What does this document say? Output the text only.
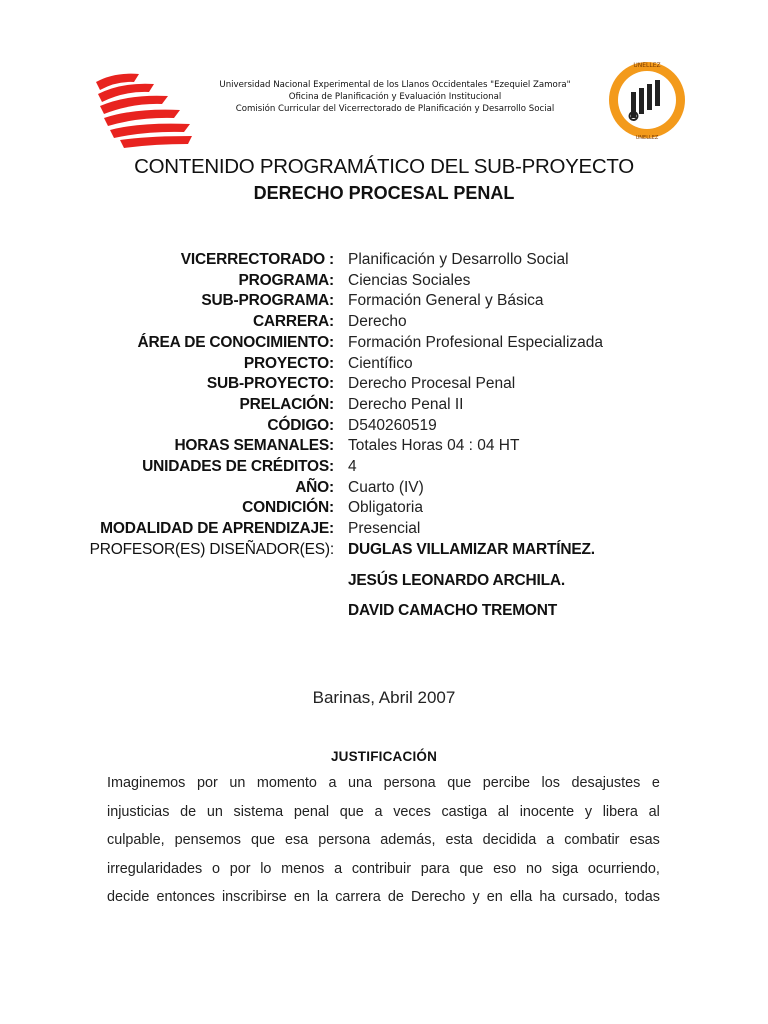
UNELLEZ
UNELLEZ
Universidad Nacional Experimental de los Llanos Occidentales "Ezequiel Zamora"
Oficina de Planificación y Evaluación Institucional
Comisión Curricular del Vicerrectorado de Planificación y Desarrollo Social
CONTENIDO PROGRAMÁTICO DEL SUB-PROYECTO
DERECHO PROCESAL PENAL
VICERRECTORADO : Planificación y Desarrollo Social
PROGRAMA: Ciencias Sociales
SUB-PROGRAMA: Formación General y Básica
CARRERA: Derecho
ÁREA DE CONOCIMIENTO: Formación Profesional Especializada
PROYECTO: Científico
SUB-PROYECTO: Derecho Procesal Penal
PRELACIÓN: Derecho Penal II
CÓDIGO: D540260519
HORAS SEMANALES: Totales Horas 04 : 04 HT
UNIDADES DE CRÉDITOS: 4
AÑO: Cuarto (IV)
CONDICIÓN: Obligatoria
MODALIDAD DE APRENDIZAJE: Presencial
PROFESOR(ES) DISEÑADOR(ES): DUGLAS VILLAMIZAR MARTÍNEZ.
JESÚS LEONARDO ARCHILA.
DAVID CAMACHO TREMONT
Barinas, Abril 2007
JUSTIFICACIÓN
Imaginemos por un momento a una persona que percibe los desajustes e
injusticias de un sistema penal que a veces castiga al inocente y libera al
culpable, pensemos que esa persona además, esta decidida a combatir esas
irregularidades o por lo menos a contribuir para que eso no siga ocurriendo,
decide entonces inscribirse en la carrera de Derecho y en ella ha cursado, todas
